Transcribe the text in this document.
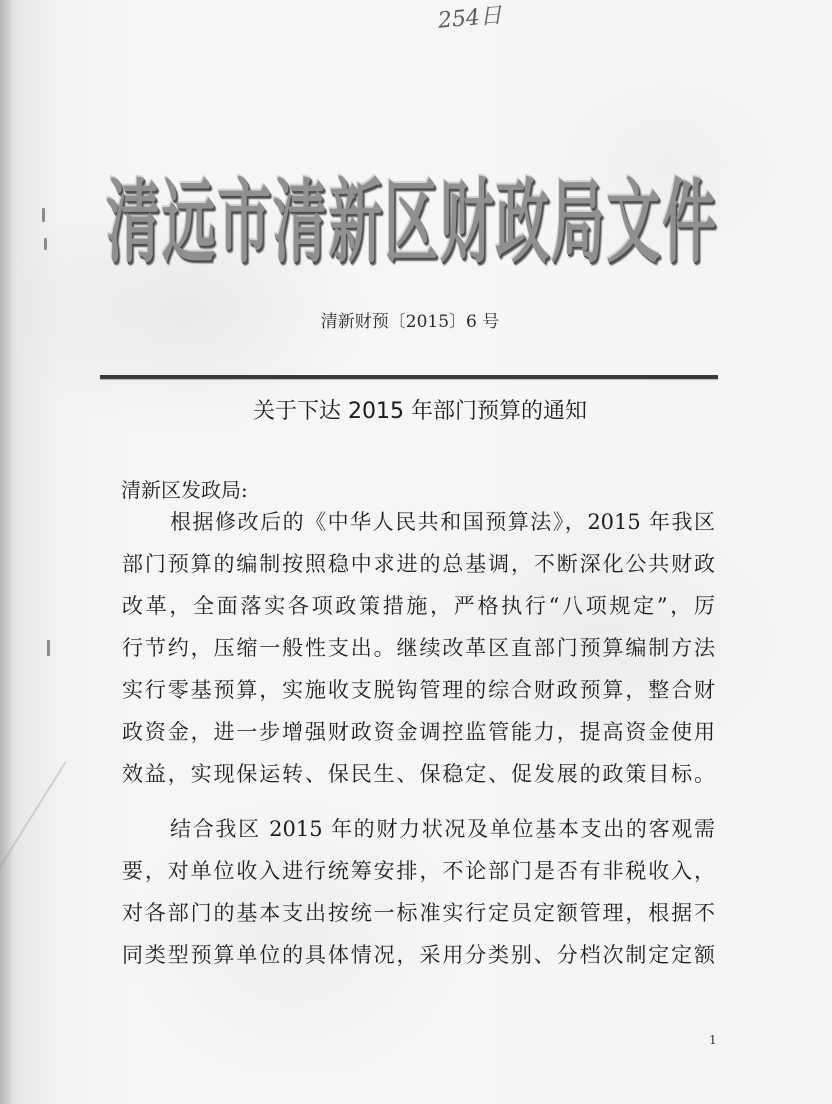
254日
清远市清新区财政局文件
清新财预〔2015〕6 号
关于下达 2015 年部门预算的通知
清新区发政局:
根据修改后的《中华人民共和国预算法》，2015 年我区
部门预算的编制按照稳中求进的总基调，不断深化公共财政
改革，全面落实各项政策措施，严格执行“八项规定”，厉
行节约，压缩一般性支出。继续改革区直部门预算编制方法
实行零基预算，实施收支脱钩管理的综合财政预算，整合财
政资金，进一步增强财政资金调控监管能力，提高资金使用
效益，实现保运转、保民生、保稳定、促发展的政策目标。
结合我区 2015 年的财力状况及单位基本支出的客观需
要，对单位收入进行统筹安排，不论部门是否有非税收入，
对各部门的基本支出按统一标准实行定员定额管理，根据不
同类型预算单位的具体情况，采用分类别、分档次制定定额
1
